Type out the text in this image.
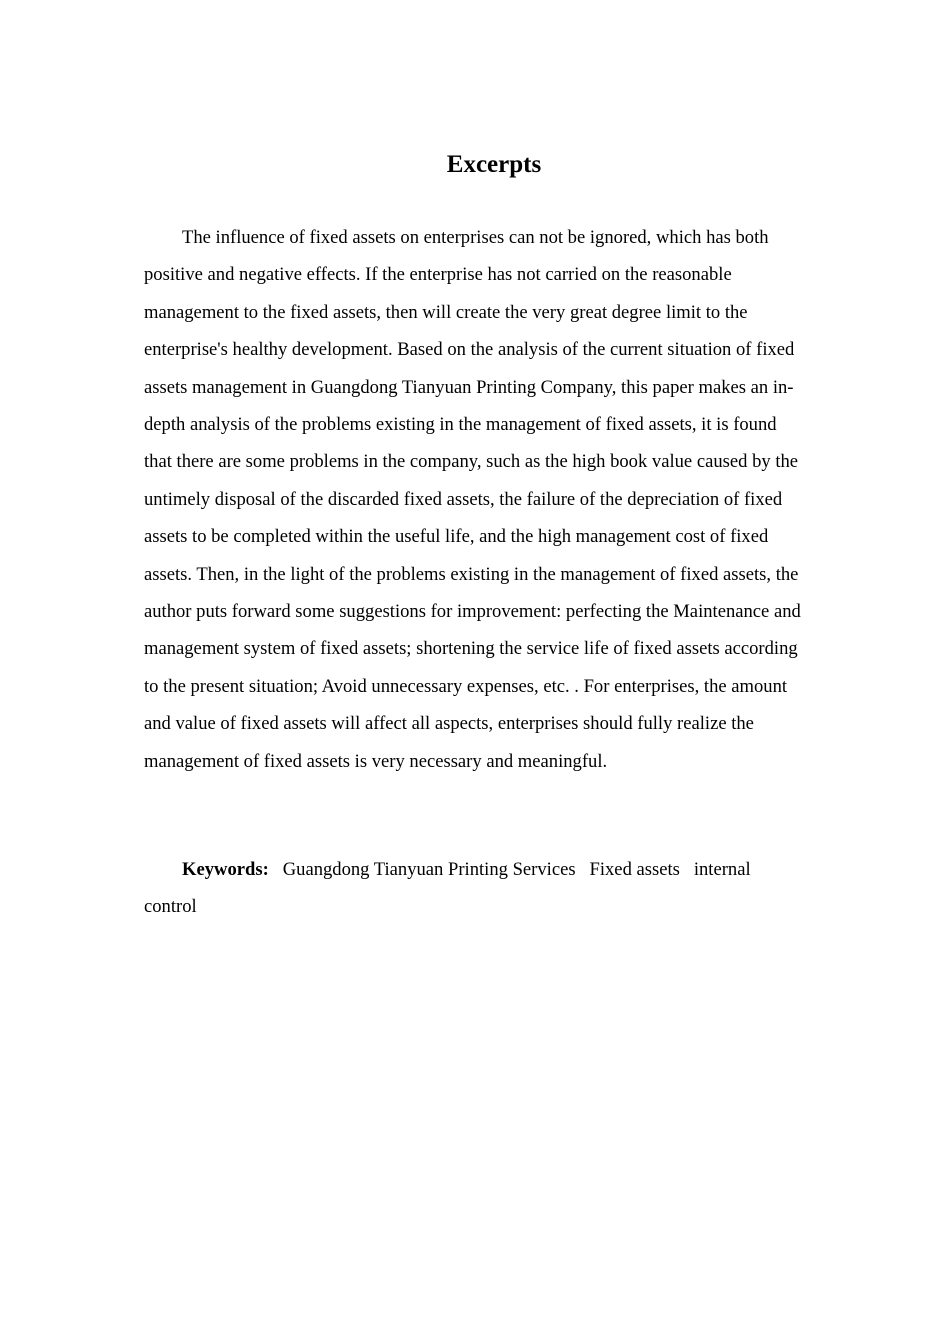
Excerpts

The influence of fixed assets on enterprises can not be ignored, which has both positive and negative effects. If the enterprise has not carried on the reasonable management to the fixed assets, then will create the very great degree limit to the enterprise's healthy development. Based on the analysis of the current situation of fixed assets management in Guangdong Tianyuan Printing Company, this paper makes an in-depth analysis of the problems existing in the management of fixed assets, it is found that there are some problems in the company, such as the high book value caused by the untimely disposal of the discarded fixed assets, the failure of the depreciation of fixed assets to be completed within the useful life, and the high management cost of fixed assets. Then, in the light of the problems existing in the management of fixed assets, the author puts forward some suggestions for improvement: perfecting the Maintenance and management system of fixed assets; shortening the service life of fixed assets according to the present situation; Avoid unnecessary expenses, etc. . For enterprises, the amount and value of fixed assets will affect all aspects, enterprises should fully realize the management of fixed assets is very necessary and meaningful.

Keywords: Guangdong Tianyuan Printing Services   Fixed assets   internal control
